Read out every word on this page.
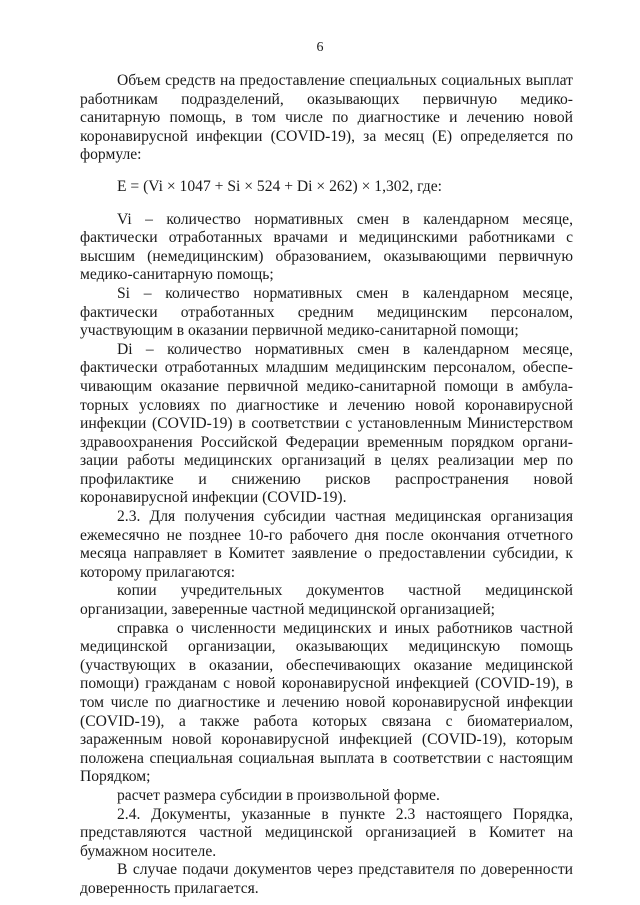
6

Объем средств на предоставление специальных социальных выплат работникам подразделений, оказывающих первичную медико-санитарную помощь, в том числе по диагностике и лечению новой коронавирусной инфекции (COVID-19), за месяц (Е) определяется по формуле:

E = (Vi × 1047 + Si × 524 + Di × 262) × 1,302, где:

Vi – количество нормативных смен в календарном месяце, фактически отработанных врачами и медицинскими работниками с высшим (немедицинским) образованием, оказывающими первичную медико-санитарную помощь;

Si – количество нормативных смен в календарном месяце, фактически отработанных средним медицинским персоналом, участвующим в оказании первичной медико-санитарной помощи;

Di – количество нормативных смен в календарном месяце, фактически отработанных младшим медицинским персоналом, обеспечивающим оказание первичной медико-санитарной помощи в амбулаторных условиях по диагностике и лечению новой коронавирусной инфекции (COVID-19) в соответствии с установленным Министерством здравоохранения Российской Федерации временным порядком организации работы медицинских организаций в целях реализации мер по профилактике и снижению рисков распространения новой коронавирусной инфекции (COVID-19).

2.3. Для получения субсидии частная медицинская организация ежемесячно не позднее 10-го рабочего дня после окончания отчетного месяца направляет в Комитет заявление о предоставлении субсидии, к которому прилагаются:

копии учредительных документов частной медицинской организации, заверенные частной медицинской организацией;

справка о численности медицинских и иных работников частной медицинской организации, оказывающих медицинскую помощь (участвующих в оказании, обеспечивающих оказание медицинской помощи) гражданам с новой коронавирусной инфекцией (COVID-19), в том числе по диагностике и лечению новой коронавирусной инфекции (COVID-19), а также работа которых связана с биоматериалом, зараженным новой коронавирусной инфекцией (COVID-19), которым положена специальная социальная выплата в соответствии с настоящим Порядком;

расчет размера субсидии в произвольной форме.

2.4. Документы, указанные в пункте 2.3 настоящего Порядка, представляются частной медицинской организацией в Комитет на бумажном носителе.

В случае подачи документов через представителя по доверенности доверенность прилагается.
